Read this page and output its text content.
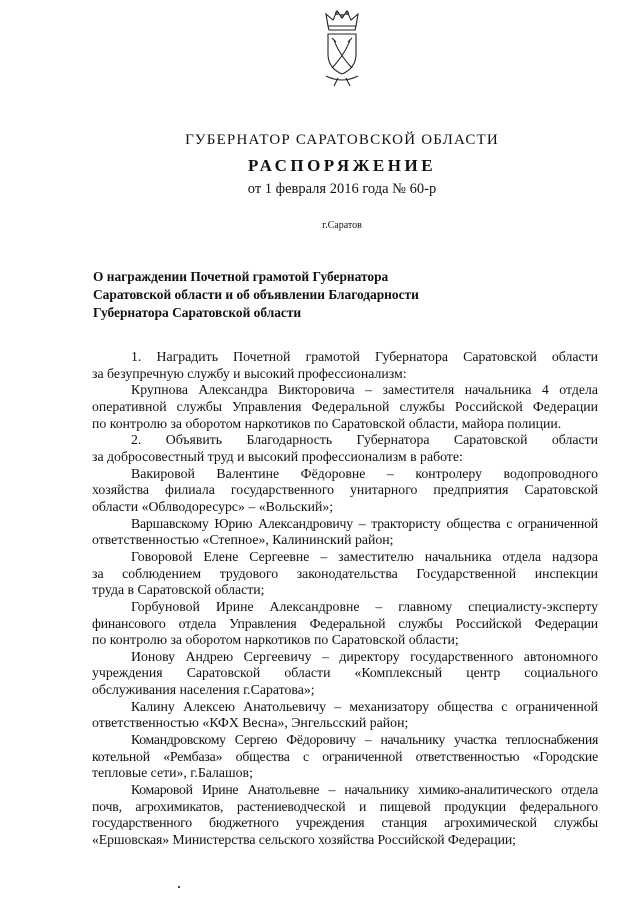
ГУБЕРНАТОР САРАТОВСКОЙ ОБЛАСТИ
РАСПОРЯЖЕНИЕ
от 1 февраля 2016 года № 60-р
г.Саратов
О награждении Почетной грамотой Губернатора
Саратовской области и об объявлении Благодарности
Губернатора Саратовской области

1. Наградить Почетной грамотой Губернатора Саратовской области
за безупречную службу и высокий профессионализм:

Крупнова Александра Викторовича – заместителя начальника 4 отдела
оперативной службы Управления Федеральной службы Российской Федерации
по контролю за оборотом наркотиков по Саратовской области, майора полиции.

2. Объявить Благодарность Губернатора Саратовской области
за добросовестный труд и высокий профессионализм в работе:

Вакировой Валентине Фёдоровне – контролеру водопроводного
хозяйства филиала государственного унитарного предприятия Саратовской
области «Облводоресурс» – «Вольский»;

Варшавскому Юрию Александровичу – трактористу общества с ограниченной
ответственностью «Степное», Калининский район;

Говоровой Елене Сергеевне – заместителю начальника отдела надзора
за соблюдением трудового законодательства Государственной инспекции
труда в Саратовской области;

Горбуновой Ирине Александровне – главному специалисту-эксперту
финансового отдела Управления Федеральной службы Российской Федерации
по контролю за оборотом наркотиков по Саратовской области;

Ионову Андрею Сергеевичу – директору государственного автономного
учреждения Саратовской области «Комплексный центр социального
обслуживания населения г.Саратова»;

Калину Алексею Анатольевичу – механизатору общества с ограниченной
ответственностью «КФХ Весна», Энгельсский район;

Командровскому Сергею Фёдоровичу – начальнику участка теплоснабжения
котельной «Рембаза» общества с ограниченной ответственностью «Городские
тепловые сети», г.Балашов;

Комаровой Ирине Анатольевне – начальнику химико-аналитического отдела
почв, агрохимикатов, растениеводческой и пищевой продукции федерального
государственного бюджетного учреждения станция агрохимической службы
«Ершовская» Министерства сельского хозяйства Российской Федерации;
